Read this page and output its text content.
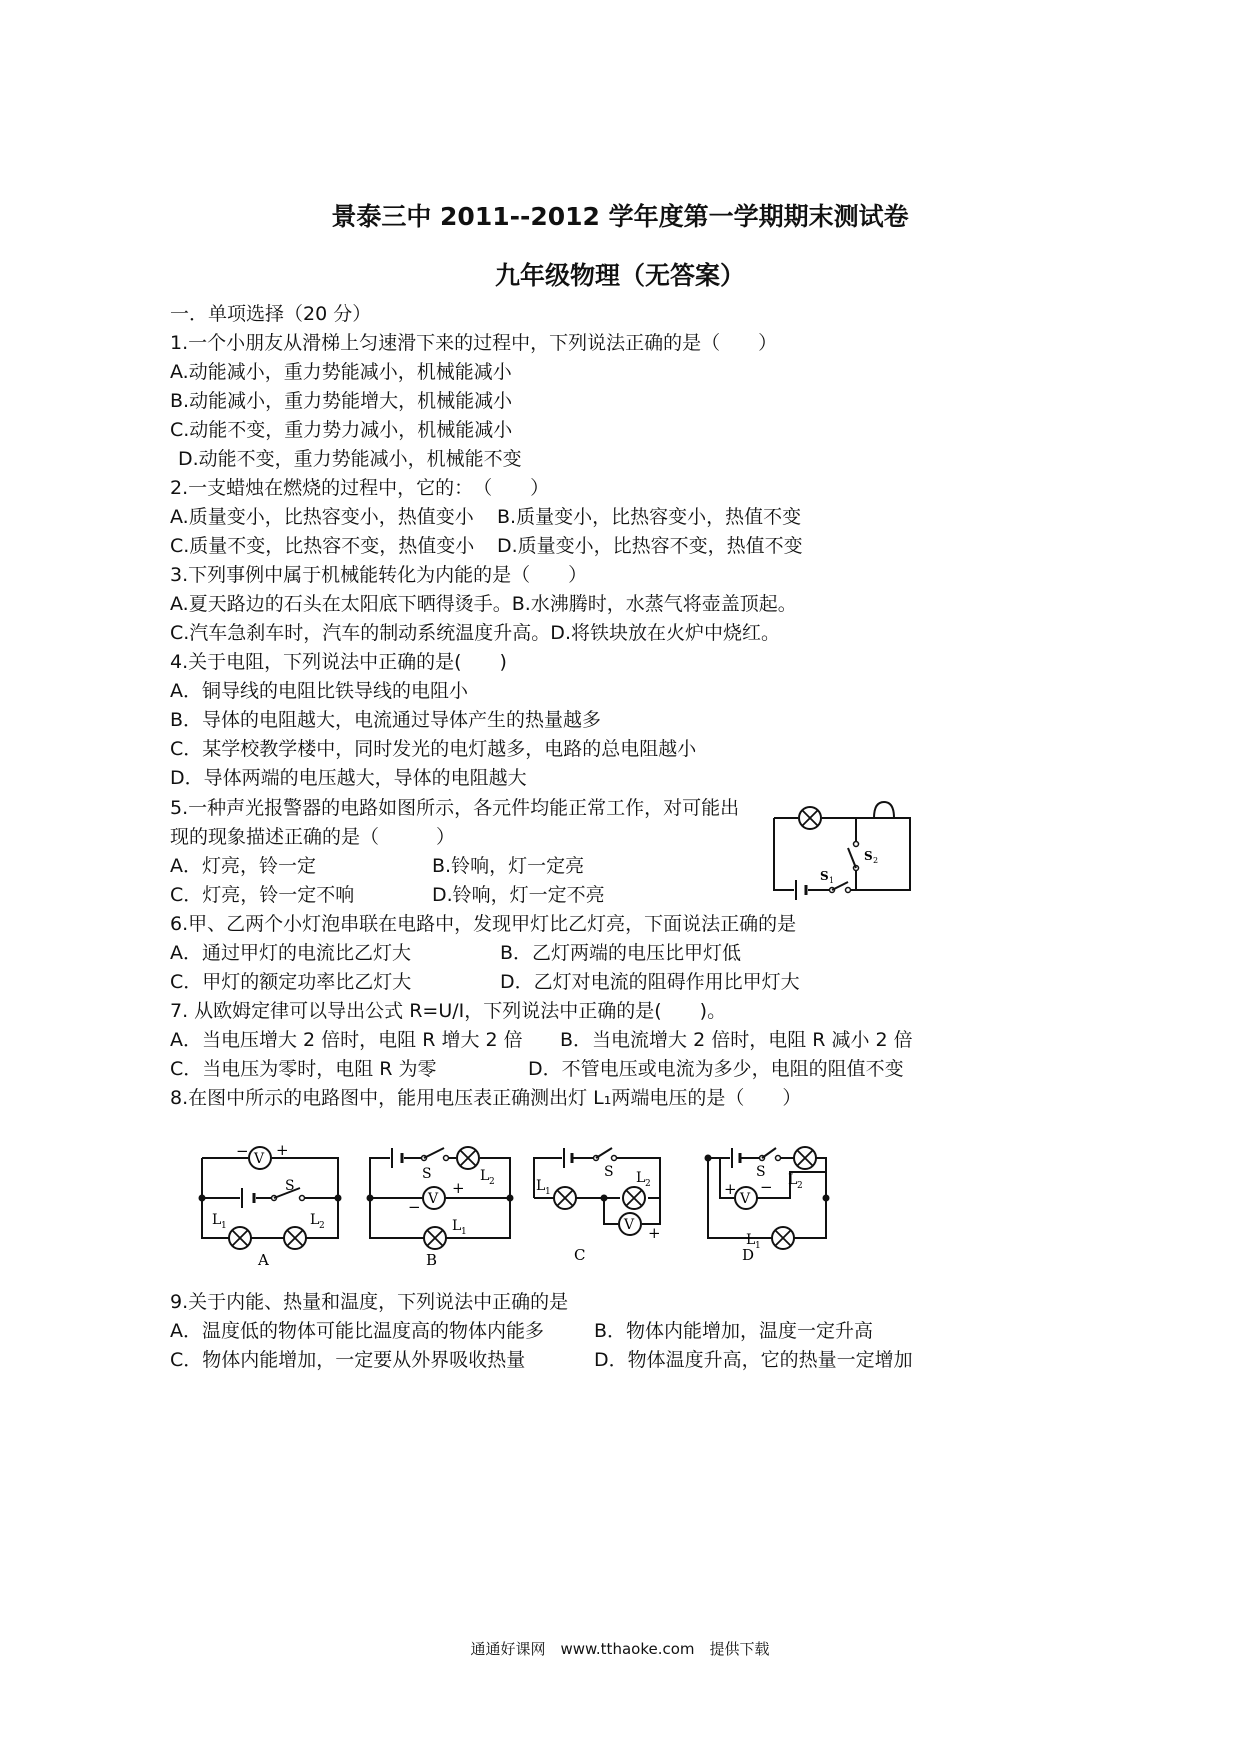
景泰三中 2011--2012 学年度第一学期期末测试卷
九年级物理（无答案）
一．单项选择（20 分）
1.一个小朋友从滑梯上匀速滑下来的过程中，下列说法正确的是（　　）
A.动能减小，重力势能减小，机械能减小
B.动能减小，重力势能增大，机械能减小
C.动能不变，重力势力减小，机械能减小
D.动能不变，重力势能减小，机械能不变
2.一支蜡烛在燃烧的过程中，它的：　（　　）
A.质量变小，比热容变小，热值变小 B.质量变小，比热容变小，热值不变
C.质量不变，比热容不变，热值变小 D.质量变小，比热容不变，热值不变
3.下列事例中属于机械能转化为内能的是（　　）
A.夏天路边的石头在太阳底下晒得烫手。B.水沸腾时，水蒸气将壶盖顶起。
C.汽车急刹车时，汽车的制动系统温度升高。D.将铁块放在火炉中烧红。
4.关于电阻，下列说法中正确的是(　　)
A．铜导线的电阻比铁导线的电阻小
B．导体的电阻越大，电流通过导体产生的热量越多
C．某学校教学楼中，同时发光的电灯越多，电路的总电阻越小
D．导体两端的电压越大，导体的电阻越大
5.一种声光报警器的电路如图所示，各元件均能正常工作，对可能出
现的现象描述正确的是（　　　）
A．灯亮，铃一定	B.铃响，灯一定亮
C．灯亮，铃一定不响	D.铃响，灯一定不亮
S 1
S 2
6.甲、乙两个小灯泡串联在电路中，发现甲灯比乙灯亮，下面说法正确的是
A．通过甲灯的电流比乙灯大	B．乙灯两端的电压比甲灯低
C．甲灯的额定功率比乙灯大	D．乙灯对电流的阻碍作用比甲灯大
7. 从欧姆定律可以导出公式 R=U/I，下列说法中正确的是(　　)。
A．当电压增大 2 倍时，电阻 R 增大 2 倍 B．当电流增大 2 倍时，电阻 R 减小 2 倍
C．当电压为零时，电阻 R 为零	D．不管电压或电流为多少，电阻的阻值不变
8.在图中所示的电路图中，能用电压表正确测出灯 L₁两端电压的是（　　）
V
− +
S
L 1	L 2
A
S	L 2
V
−
+
L 1
B
S
L 1
L 2
V +
C
S L 2
V
+ −
L 1
D
9.关于内能、热量和温度，下列说法中正确的是
A．温度低的物体可能比温度高的物体内能多	B．物体内能增加，温度一定升高
C．物体内能增加，一定要从外界吸收热量	D．物体温度升高，它的热量一定增加
通通好课网　www.tthaoke.com　提供下载
